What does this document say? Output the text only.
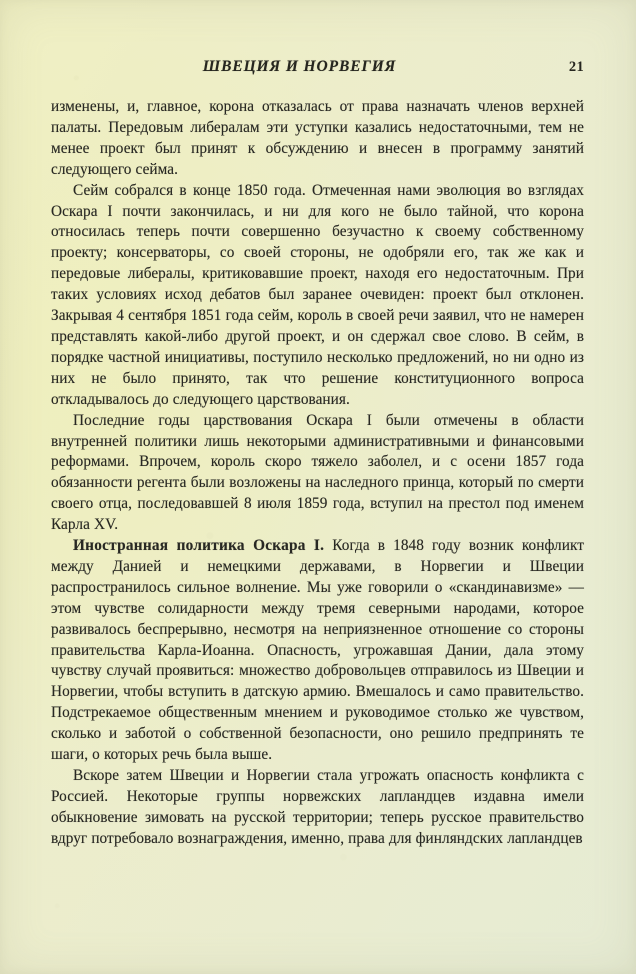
ШВЕЦИЯ И НОРВЕГИЯ	21

изменены, и, главное, корона отказалась от права назначать членов верхней палаты. Передовым либералам эти уступки казались недостаточными, тем не менее проект был принят к обсуждению и внесен в программу занятий следующего сейма.

Сейм собрался в конце 1850 года. Отмеченная нами эволюция во взглядах Оскара I почти закончилась, и ни для кого не было тайной, что корона относилась теперь почти совершенно безучастно к своему собственному проекту; консерваторы, со своей стороны, не одобряли его, так же как и передовые либералы, критиковавшие проект, находя его недостаточным. При таких условиях исход дебатов был заранее очевиден: проект был отклонен. Закрывая 4 сентября 1851 года сейм, король в своей речи заявил, что не намерен представлять какой-либо другой проект, и он сдержал свое слово. В сейм, в порядке частной инициативы, поступило несколько предложений, но ни одно из них не было принято, так что решение конституционного вопроса откладывалось до следующего царствования.

Последние годы царствования Оскара I были отмечены в области внутренней политики лишь некоторыми административными и финансовыми реформами. Впрочем, король скоро тяжело заболел, и с осени 1857 года обязанности регента были возложены на наследного принца, который по смерти своего отца, последовавшей 8 июля 1859 года, вступил на престол под именем Карла XV.

Иностранная политика Оскара I. Когда в 1848 году возник конфликт между Данией и немецкими державами, в Норвегии и Швеции распространилось сильное волнение. Мы уже говорили о «скандинавизме» — этом чувстве солидарности между тремя северными народами, которое развивалось беспрерывно, несмотря на неприязненное отношение со стороны правительства Карла-Иоанна. Опасность, угрожавшая Дании, дала этому чувству случай проявиться: множество добровольцев отправилось из Швеции и Норвегии, чтобы вступить в датскую армию. Вмешалось и само правительство. Подстрекаемое общественным мнением и руководимое столько же чувством, сколько и заботой о собственной безопасности, оно решило предпринять те шаги, о которых речь была выше.

Вскоре затем Швеции и Норвегии стала угрожать опасность конфликта с Россией. Некоторые группы норвежских лапландцев издавна имели обыкновение зимовать на русской территории; теперь русское правительство вдруг потребовало вознаграждения, именно, права для финляндских лапландцев
